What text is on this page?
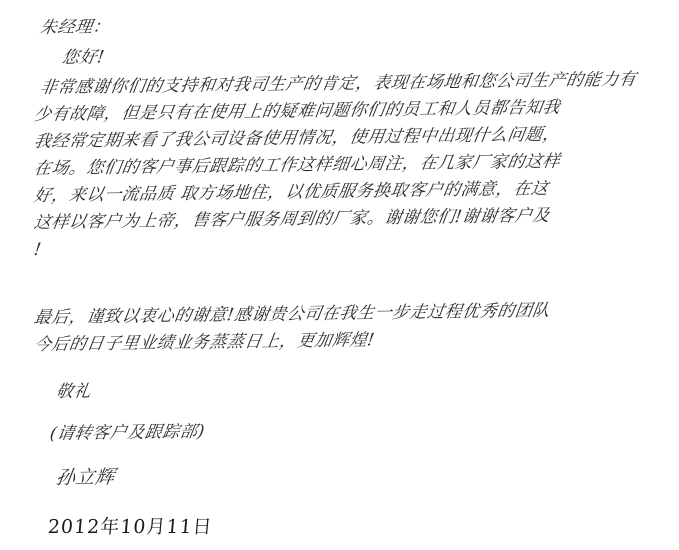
朱经理：
您好!
非常感谢你们的支持和对我司生产的肯定，表现在场地和您公司生产的能力有
少有故障，但是只有在使用上的疑难问题你们的员工和人员都告知我
我经常定期来看了我公司设备使用情况，使用过程中出现什么问题，
在场。您们的客户事后跟踪的工作这样细心周注，在几家厂家的这样
好，来以一流品质 取方场地住，以优质服务换取客户的满意，在这
这样以客户为上帝，售客户服务周到的厂家。谢谢您们!谢谢客户及
!
最后，谨致以衷心的谢意!感谢贵公司在我生一步走过程优秀的团队
今后的日子里业绩业务蒸蒸日上，更加辉煌!
敬礼
(请转客户及跟踪部)
孙立辉
2012年10月11日
